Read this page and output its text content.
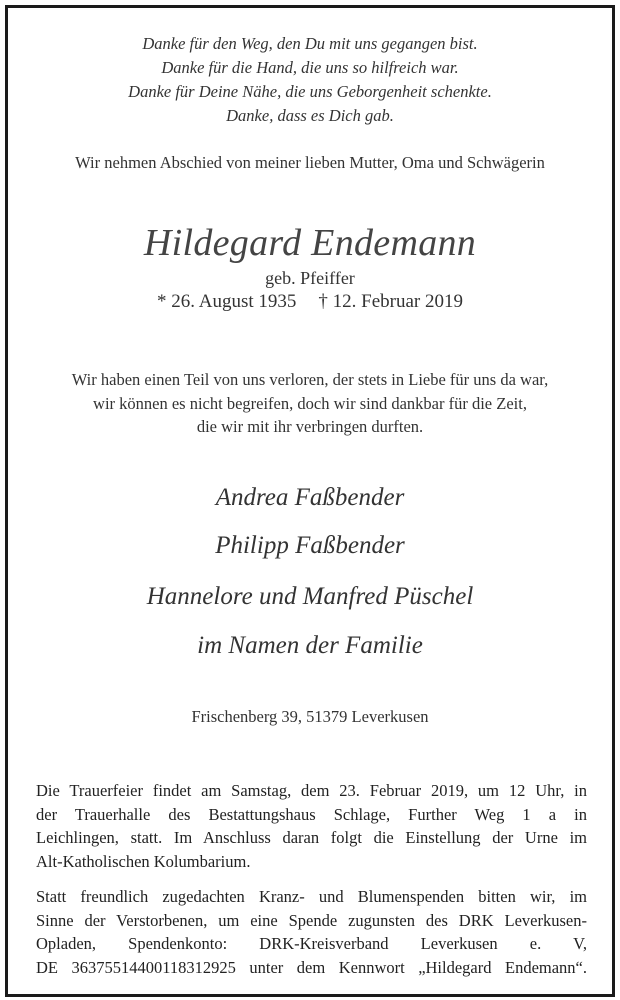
Danke für den Weg, den Du mit uns gegangen bist.
Danke für die Hand, die uns so hilfreich war.
Danke für Deine Nähe, die uns Geborgenheit schenkte.
Danke, dass es Dich gab.
Wir nehmen Abschied von meiner lieben Mutter, Oma und Schwägerin
Hildegard Endemann
geb. Pfeiffer
* 26. August 1935 † 12. Februar 2019
Wir haben einen Teil von uns verloren, der stets in Liebe für uns da war,
wir können es nicht begreifen, doch wir sind dankbar für die Zeit,
die wir mit ihr verbringen durften.
Andrea Faßbender
Philipp Faßbender
Hannelore und Manfred Püschel
im Namen der Familie
Frischenberg 39, 51379 Leverkusen
Die Trauerfeier findet am Samstag, dem 23. Februar 2019, um 12 Uhr, in
der Trauerhalle des Bestattungshaus Schlage, Further Weg 1 a in
Leichlingen, statt. Im Anschluss daran folgt die Einstellung der Urne im
Alt-Katholischen Kolumbarium.
Statt freundlich zugedachten Kranz- und Blumenspenden bitten wir, im
Sinne der Verstorbenen, um eine Spende zugunsten des DRK Leverkusen-
Opladen, Spendenkonto: DRK-Kreisverband Leverkusen e. V,
DE 36375514400118312925 unter dem Kennwort „Hildegard Endemann“.
